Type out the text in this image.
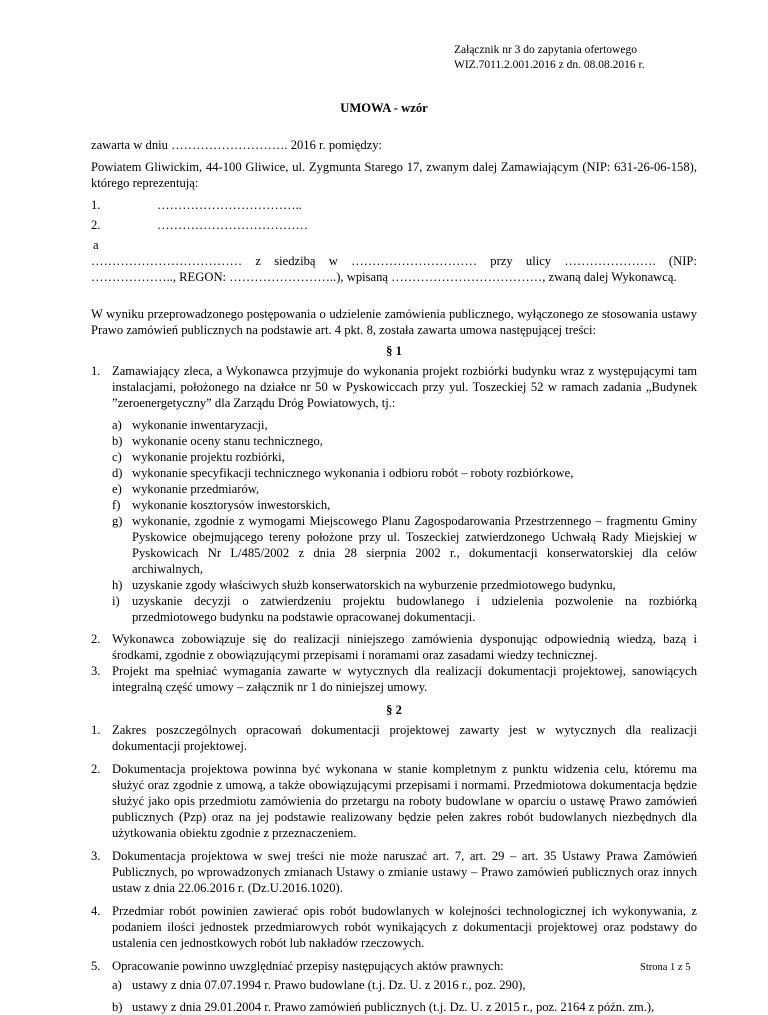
Załącznik nr 3 do zapytania ofertowego
WIZ.7011.2.001.2016 z dn. 08.08.2016 r.
UMOWA - wzór

zawarta w dniu ………………………. 2016 r. pomiędzy:

Powiatem Gliwickim, 44-100 Gliwice, ul. Zygmunta Starego 17, zwanym dalej Zamawiającym (NIP: 631-26-06-158), którego reprezentują:

1.	……………………………..
2.	………………………………

a

……………………………… z siedzibą w ………………………… przy ulicy …………………. (NIP:

……………….., REGON: ……………………..), wpisaną ………………………………, zwaną dalej Wykonawcą.

W wyniku przeprowadzonego postępowania o udzielenie zamówienia publicznego, wyłączonego ze stosowania ustawy Prawo zamówień publicznych na podstawie art. 4 pkt. 8, została zawarta umowa następującej treści:

§ 1
1. Zamawiający zleca, a Wykonawca przyjmuje do wykonania projekt rozbiórki budynku wraz z występującymi tam instalacjami, położonego na działce nr 50 w Pyskowiccach przy yul. Toszeckiej 52 w ramach zadania „Budynek ”zeroenergetyczny” dla Zarządu Dróg Powiatowych, tj.:

a) wykonanie inwentaryzacji,
b) wykonanie oceny stanu technicznego,
c) wykonanie projektu rozbiórki,
d) wykonanie specyfikacji technicznego wykonania i odbioru robót – roboty rozbiórkowe,
e) wykonanie przedmiarów,
f) wykonanie kosztorysów inwestorskich,
g) wykonanie, zgodnie z wymogami Miejscowego Planu Zagospodarowania Przestrzennego – fragmentu Gminy Pyskowice obejmującego tereny położone przy ul. Toszeckiej zatwierdzonego Uchwałą Rady Miejskiej w Pyskowicach Nr L/485/2002 z dnia 28 sierpnia 2002 r., dokumentacji konserwatorskiej dla celów archiwalnych,
h) uzyskanie zgody właściwych służb konserwatorskich na wyburzenie przedmiotowego budynku,
i) uzyskanie decyzji o zatwierdzeniu projektu budowlanego i udzielenia pozwolenie na rozbiórką przedmiotowego budynku na podstawie opracowanej dokumentacji.
2. Wykonawca zobowiązuje się do realizacji niniejszego zamówienia dysponując odpowiednią wiedzą, bazą i środkami, zgodnie z obowiązującymi przepisami i noramami oraz zasadami wiedzy technicznej.

3. Projekt ma spełniać wymagania zawarte w wytycznych dla realizacji dokumentacji projektowej, sanowiących integralną część umowy – załącznik nr 1 do niniejszej umowy.

§ 2
1. Zakres poszczególnych opracowań dokumentacji projektowej zawarty jest w wytycznych dla realizacji dokumentacji projektowej.

2. Dokumentacja projektowa powinna być wykonana w stanie kompletnym z punktu widzenia celu, któremu ma służyć oraz zgodnie z umową, a także obowiązującymi przepisami i normami. Przedmiotowa dokumentacja będzie służyć jako opis przedmiotu zamówienia do przetargu na roboty budowlane w oparciu o ustawę Prawo zamówień publicznych (Pzp) oraz na jej podstawie realizowany będzie pełen zakres robót budowlanych niezbędnych dla użytkowania obiektu zgodnie z przeznaczeniem.

3. Dokumentacja projektowa w swej treści nie może naruszać art. 7, art. 29 – art. 35 Ustawy Prawa Zamówień Publicznych, po wprowadzonych zmianach Ustawy o zmianie ustawy – Prawo zamówień publicznych oraz innych ustaw z dnia 22.06.2016 r. (Dz.U.2016.1020).

4. Przedmiar robót powinien zawierać opis robót budowlanych w kolejności technologicznej ich wykonywania, z podaniem ilości jednostek przedmiarowych robót wynikających z dokumentacji projektowej oraz podstawy do ustalenia cen jednostkowych robót lub nakładów rzeczowych.

5. Opracowanie powinno uwzględniać przepisy następujących aktów prawnych:

a) ustawy z dnia 07.07.1994 r. Prawo budowlane (t.j. Dz. U. z 2016 r., poz. 290),
b) ustawy z dnia 29.01.2004 r. Prawo zamówień publicznych (t.j. Dz. U. z 2015 r., poz. 2164 z późn. zm.),
Strona 1 z 5
